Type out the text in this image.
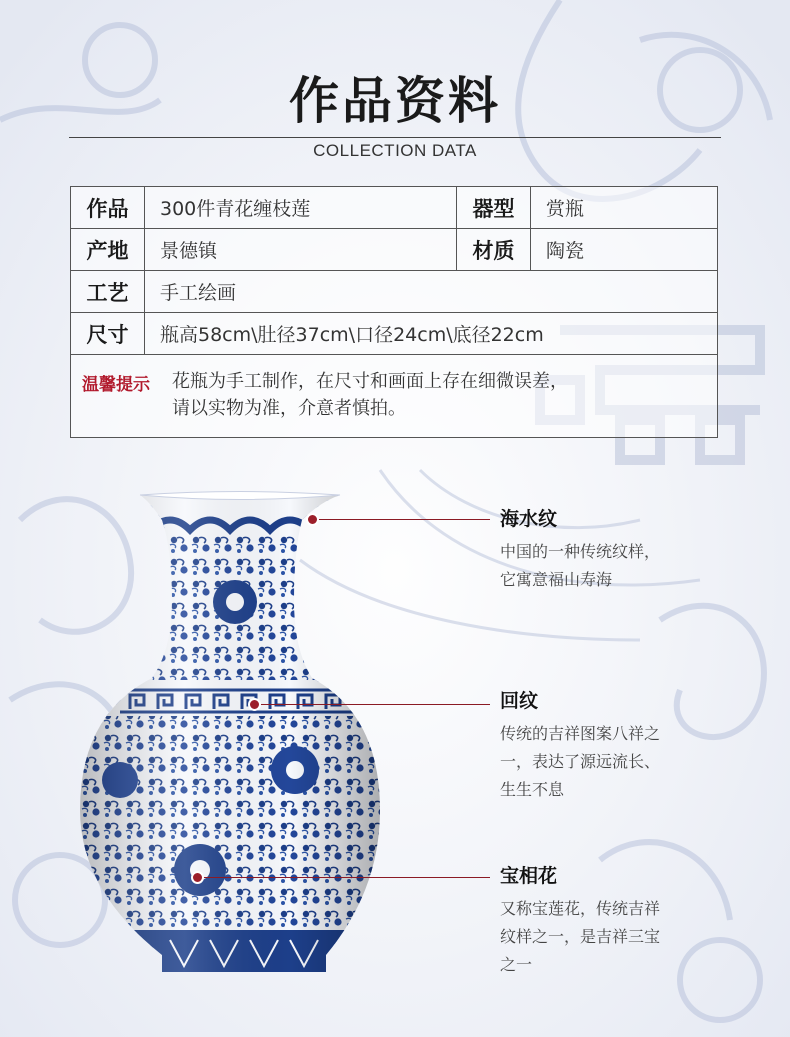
作品资料
COLLECTION DATA
作品	300件青花缠枝莲	器型	赏瓶
产地	景德镇	材质	陶瓷
工艺	手工绘画
尺寸	瓶高58cm\肚径37cm\口径24cm\底径22cm
温馨提示	花瓶为手工制作，在尺寸和画面上存在细微误差，
请以实物为准，介意者慎拍。
海水纹
中国的一种传统纹样，
它寓意福山寿海
回纹
传统的吉祥图案八祥之
一，表达了源远流长、
生生不息
宝相花
又称宝莲花，传统吉祥
纹样之一，是吉祥三宝
之一
